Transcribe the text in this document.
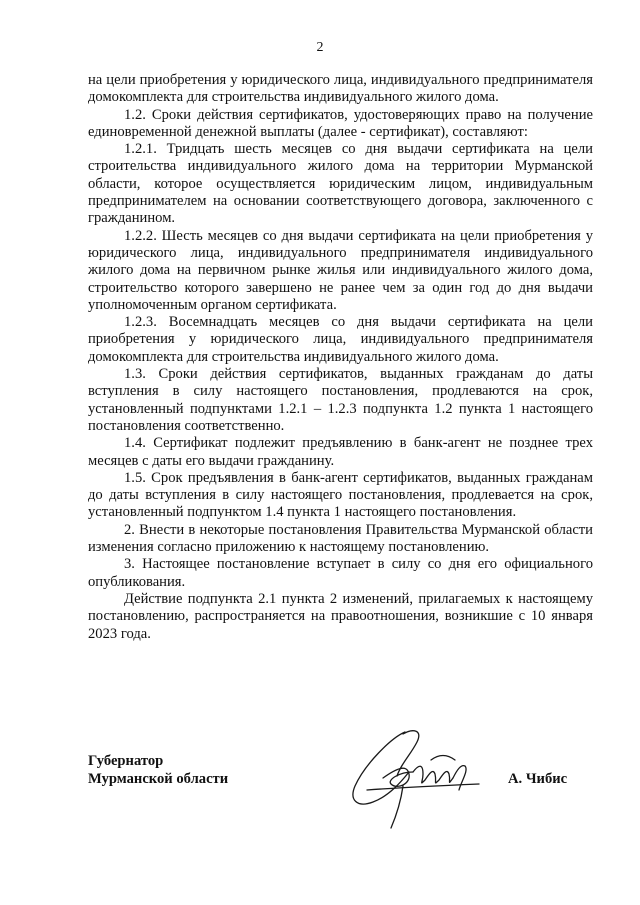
2

на цели приобретения у юридического лица, индивидуального предпринимателя домокомплекта для строительства индивидуального жилого дома.

1.2. Сроки действия сертификатов, удостоверяющих право на получение единовременной денежной выплаты (далее - сертификат), составляют:

1.2.1. Тридцать шесть месяцев со дня выдачи сертификата на цели строительства индивидуального жилого дома на территории Мурманской области, которое осуществляется юридическим лицом, индивидуальным предпринимателем на основании соответствующего договора, заключенного с гражданином.

1.2.2. Шесть месяцев со дня выдачи сертификата на цели приобретения у юридического лица, индивидуального предпринимателя индивидуального жилого дома на первичном рынке жилья или индивидуального жилого дома, строительство которого завершено не ранее чем за один год до дня выдачи уполномоченным органом сертификата.

1.2.3. Восемнадцать месяцев со дня выдачи сертификата на цели приобретения у юридического лица, индивидуального предпринимателя домокомплекта для строительства индивидуального жилого дома.

1.3. Сроки действия сертификатов, выданных гражданам до даты вступления в силу настоящего постановления, продлеваются на срок, установленный подпунктами 1.2.1 – 1.2.3 подпункта 1.2 пункта 1 настоящего постановления соответственно.

1.4. Сертификат подлежит предъявлению в банк-агент не позднее трех месяцев с даты его выдачи гражданину.

1.5. Срок предъявления в банк-агент сертификатов, выданных гражданам до даты вступления в силу настоящего постановления, продлевается на срок, установленный подпунктом 1.4 пункта 1 настоящего постановления.

2. Внести в некоторые постановления Правительства Мурманской области изменения согласно приложению к настоящему постановлению.

3. Настоящее постановление вступает в силу со дня его официального опубликования.

Действие подпункта 2.1 пункта 2 изменений, прилагаемых к настоящему постановлению, распространяется на правоотношения, возникшие с 10 января 2023 года.

Губернатор
Мурманской области	А. Чибис
